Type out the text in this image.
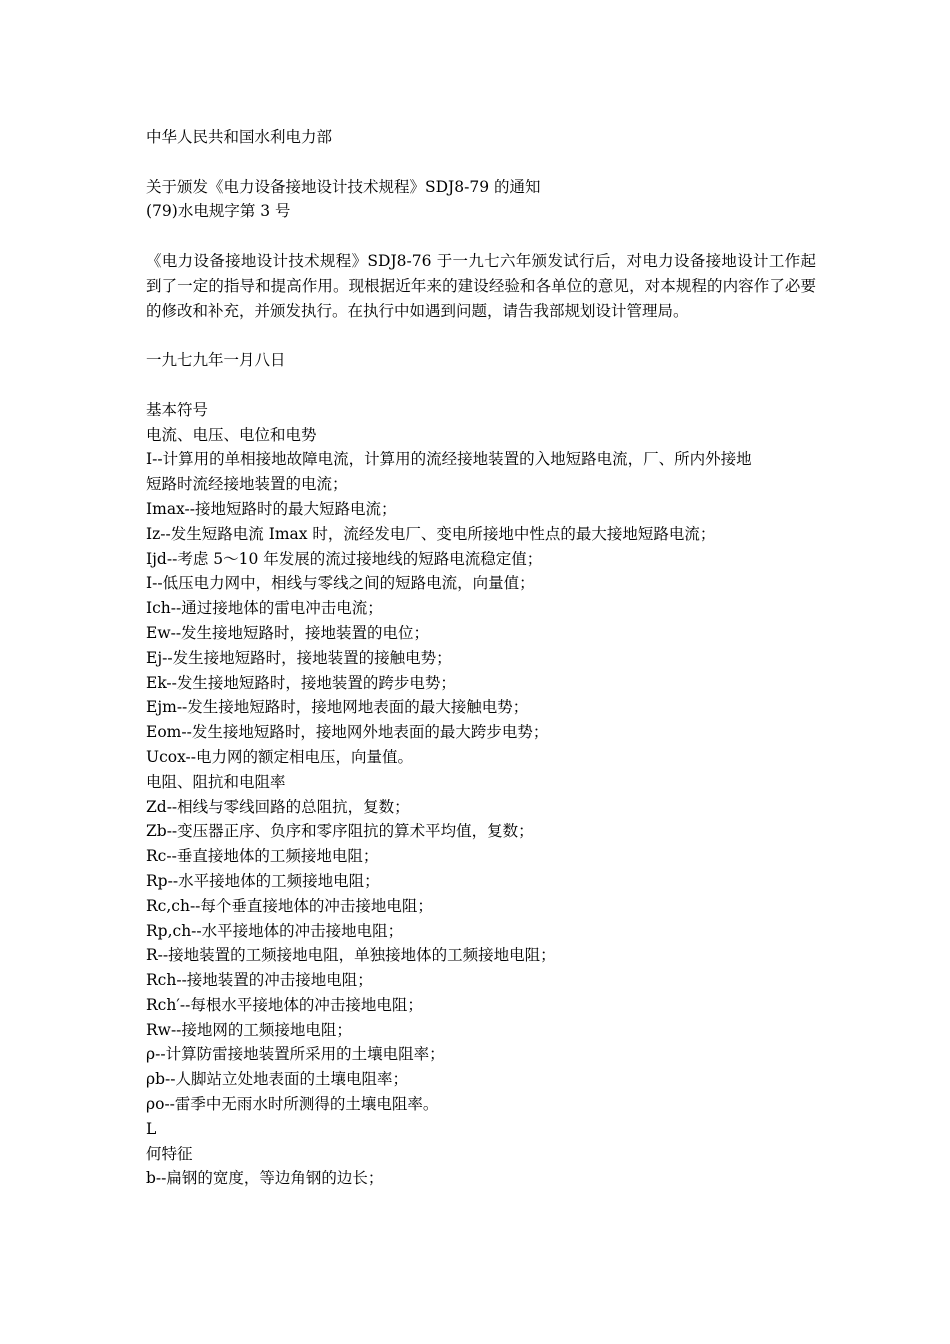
中华人民共和国水利电力部
关于颁发《电力设备接地设计技术规程》SDJ8-79 的通知
(79)水电规字第 3 号
《电力设备接地设计技术规程》SDJ8-76 于一九七六年颁发试行后，对电力设备接地设计工作起到了一定的指导和提高作用。现根据近年来的建设经验和各单位的意见，对本规程的内容作了必要的修改和补充，并颁发执行。在执行中如遇到问题，请告我部规划设计管理局。
一九七九年一月八日
基本符号
电流、电压、电位和电势
I--计算用的单相接地故障电流，计算用的流经接地装置的入地短路电流，厂、所内外接地
短路时流经接地装置的电流；
Imax--接地短路时的最大短路电流；
Iz--发生短路电流 Imax 时，流经发电厂、变电所接地中性点的最大接地短路电流；
Ijd--考虑 5～10 年发展的流过接地线的短路电流稳定值；
I--低压电力网中，相线与零线之间的短路电流，向量值；
Ich--通过接地体的雷电冲击电流；
Ew--发生接地短路时，接地装置的电位；
Ej--发生接地短路时，接地装置的接触电势；
Ek--发生接地短路时，接地装置的跨步电势；
Ejm--发生接地短路时，接地网地表面的最大接触电势；
Eom--发生接地短路时，接地网外地表面的最大跨步电势；
Ucox--电力网的额定相电压，向量值。
电阻、阻抗和电阻率
Zd--相线与零线回路的总阻抗，复数；
Zb--变压器正序、负序和零序阻抗的算术平均值，复数；
Rc--垂直接地体的工频接地电阻；
Rp--水平接地体的工频接地电阻；
Rc,ch--每个垂直接地体的冲击接地电阻；
Rp,ch--水平接地体的冲击接地电阻；
R--接地装置的工频接地电阻，单独接地体的工频接地电阻；
Rch--接地装置的冲击接地电阻；
Rch′--每根水平接地体的冲击接地电阻；
Rw--接地网的工频接地电阻；
ρ--计算防雷接地装置所采用的土壤电阻率；
ρb--人脚站立处地表面的土壤电阻率；
ρo--雷季中无雨水时所测得的土壤电阻率。
L
何特征
b--扁钢的宽度，等边角钢的边长；
